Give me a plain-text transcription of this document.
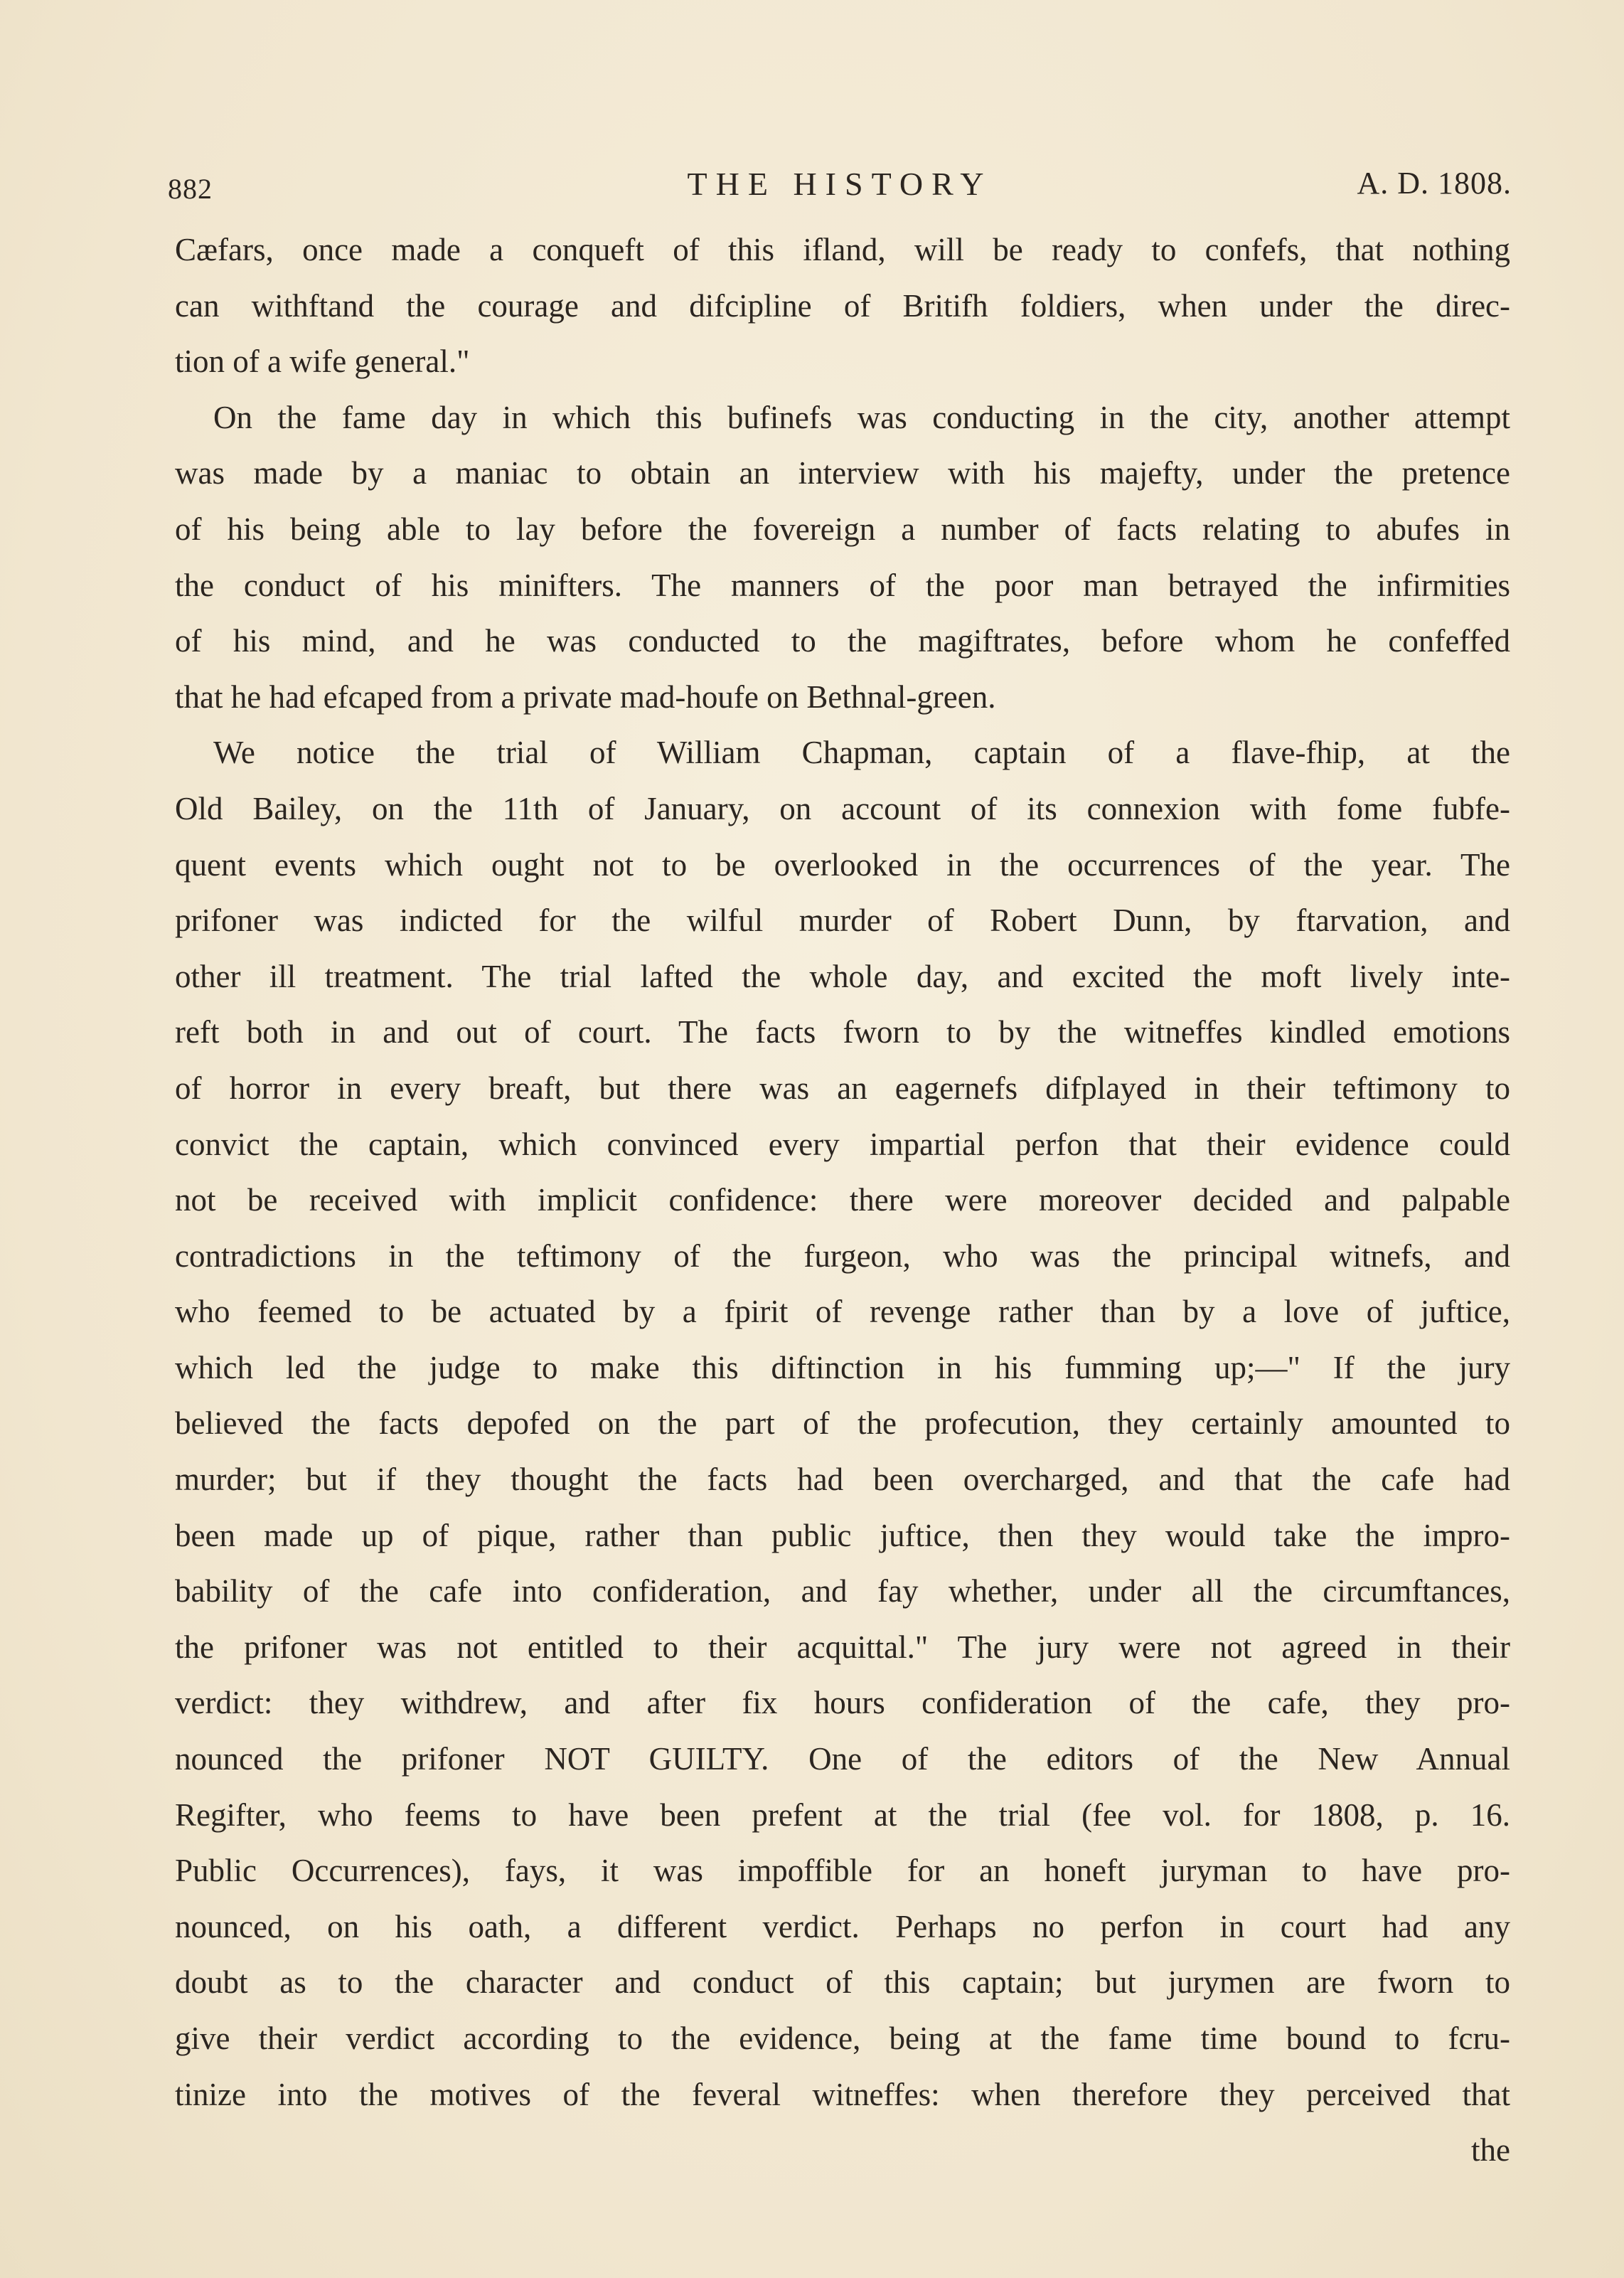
882	THE HISTORY	A. D. 1808.
Cæfars, once made a conqueft of this ifland, will be ready to confefs, that nothing
can withftand the courage and difcipline of Britifh foldiers, when under the direc-
tion of a wife general."
On the fame day in which this bufinefs was conducting in the city, another attempt
was made by a maniac to obtain an interview with his majefty, under the pretence
of his being able to lay before the fovereign a number of facts relating to abufes in
the conduct of his minifters. The manners of the poor man betrayed the infirmities
of his mind, and he was conducted to the magiftrates, before whom he confeffed
that he had efcaped from a private mad-houfe on Bethnal-green.
We notice the trial of William Chapman, captain of a flave-fhip, at the
Old Bailey, on the 11th of January, on account of its connexion with fome fubfe-
quent events which ought not to be overlooked in the occurrences of the year. The
prifoner was indicted for the wilful murder of Robert Dunn, by ftarvation, and
other ill treatment. The trial lafted the whole day, and excited the moft lively inte-
reft both in and out of court. The facts fworn to by the witneffes kindled emotions
of horror in every breaft, but there was an eagernefs difplayed in their teftimony to
convict the captain, which convinced every impartial perfon that their evidence could
not be received with implicit confidence: there were moreover decided and palpable
contradictions in the teftimony of the furgeon, who was the principal witnefs, and
who feemed to be actuated by a fpirit of revenge rather than by a love of juftice,
which led the judge to make this diftinction in his fumming up;—" If the jury
believed the facts depofed on the part of the profecution, they certainly amounted to
murder; but if they thought the facts had been overcharged, and that the cafe had
been made up of pique, rather than public juftice, then they would take the impro-
bability of the cafe into confideration, and fay whether, under all the circumftances,
the prifoner was not entitled to their acquittal." The jury were not agreed in their
verdict: they withdrew, and after fix hours confideration of the cafe, they pro-
nounced the prifoner NOT GUILTY. One of the editors of the New Annual
Regifter, who feems to have been prefent at the trial (fee vol. for 1808, p. 16.
Public Occurrences), fays, it was impoffible for an honeft juryman to have pro-
nounced, on his oath, a different verdict. Perhaps no perfon in court had any
doubt as to the character and conduct of this captain; but jurymen are fworn to
give their verdict according to the evidence, being at the fame time bound to fcru-
tinize into the motives of the feveral witneffes: when therefore they perceived that
the
